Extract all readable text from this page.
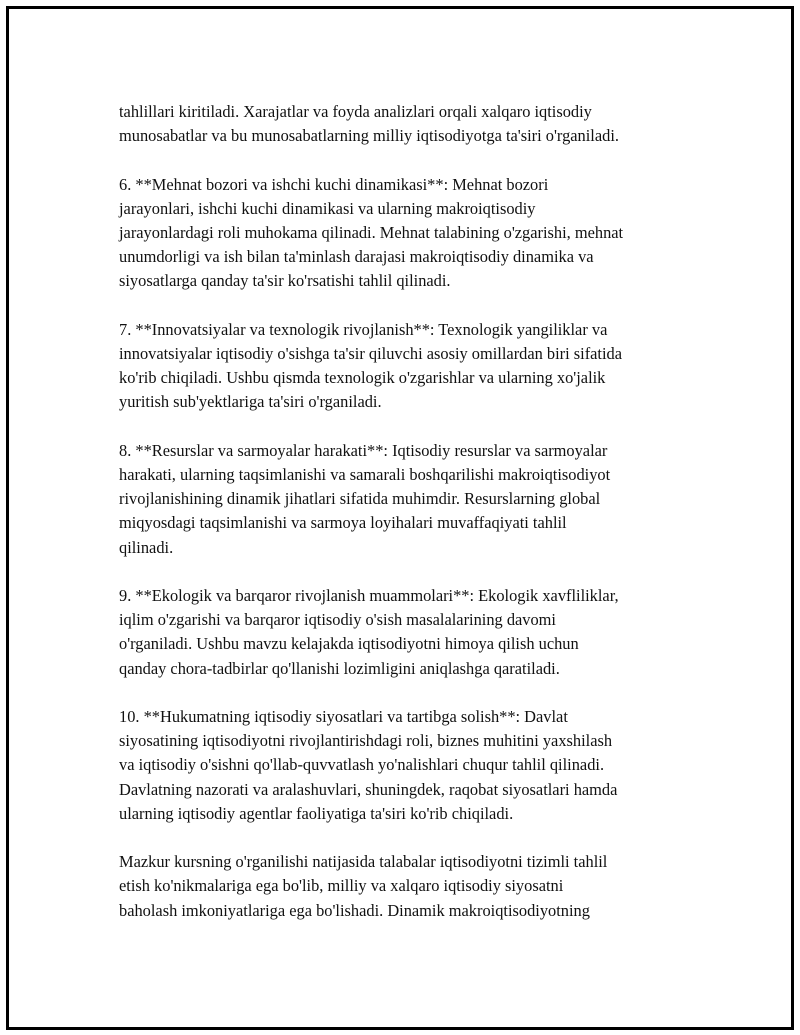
tahlillari kiritiladi. Xarajatlar va foyda analizlari orqali xalqaro iqtisodiy
munosabatlar va bu munosabatlarning milliy iqtisodiyotga ta'siri o'rganiladi.

6. **Mehnat bozori va ishchi kuchi dinamikasi**: Mehnat bozori
jarayonlari, ishchi kuchi dinamikasi va ularning makroiqtisodiy
jarayonlardagi roli muhokama qilinadi. Mehnat talabining o'zgarishi, mehnat
unumdorligi va ish bilan ta'minlash darajasi makroiqtisodiy dinamika va
siyosatlarga qanday ta'sir ko'rsatishi tahlil qilinadi.

7. **Innovatsiyalar va texnologik rivojlanish**: Texnologik yangiliklar va
innovatsiyalar iqtisodiy o'sishga ta'sir qiluvchi asosiy omillardan biri sifatida
ko'rib chiqiladi. Ushbu qismda texnologik o'zgarishlar va ularning xo'jalik
yuritish sub'yektlariga ta'siri o'rganiladi.

8. **Resurslar va sarmoyalar harakati**: Iqtisodiy resurslar va sarmoyalar
harakati, ularning taqsimlanishi va samarali boshqarilishi makroiqtisodiyot
rivojlanishining dinamik jihatlari sifatida muhimdir. Resurslarning global
miqyosdagi taqsimlanishi va sarmoya loyihalari muvaffaqiyati tahlil
qilinadi.

9. **Ekologik va barqaror rivojlanish muammolari**: Ekologik xavfliliklar,
iqlim o'zgarishi va barqaror iqtisodiy o'sish masalalarining davomi
o'rganiladi. Ushbu mavzu kelajakda iqtisodiyotni himoya qilish uchun
qanday chora-tadbirlar qo'llanishi lozimligini aniqlashga qaratiladi.

10. **Hukumatning iqtisodiy siyosatlari va tartibga solish**: Davlat
siyosatining iqtisodiyotni rivojlantirishdagi roli, biznes muhitini yaxshilash
va iqtisodiy o'sishni qo'llab-quvvatlash yo'nalishlari chuqur tahlil qilinadi.
Davlatning nazorati va aralashuvlari, shuningdek, raqobat siyosatlari hamda
ularning iqtisodiy agentlar faoliyatiga ta'siri ko'rib chiqiladi.

Mazkur kursning o'rganilishi natijasida talabalar iqtisodiyotni tizimli tahlil
etish ko'nikmalariga ega bo'lib, milliy va xalqaro iqtisodiy siyosatni
baholash imkoniyatlariga ega bo'lishadi. Dinamik makroiqtisodiyotning
